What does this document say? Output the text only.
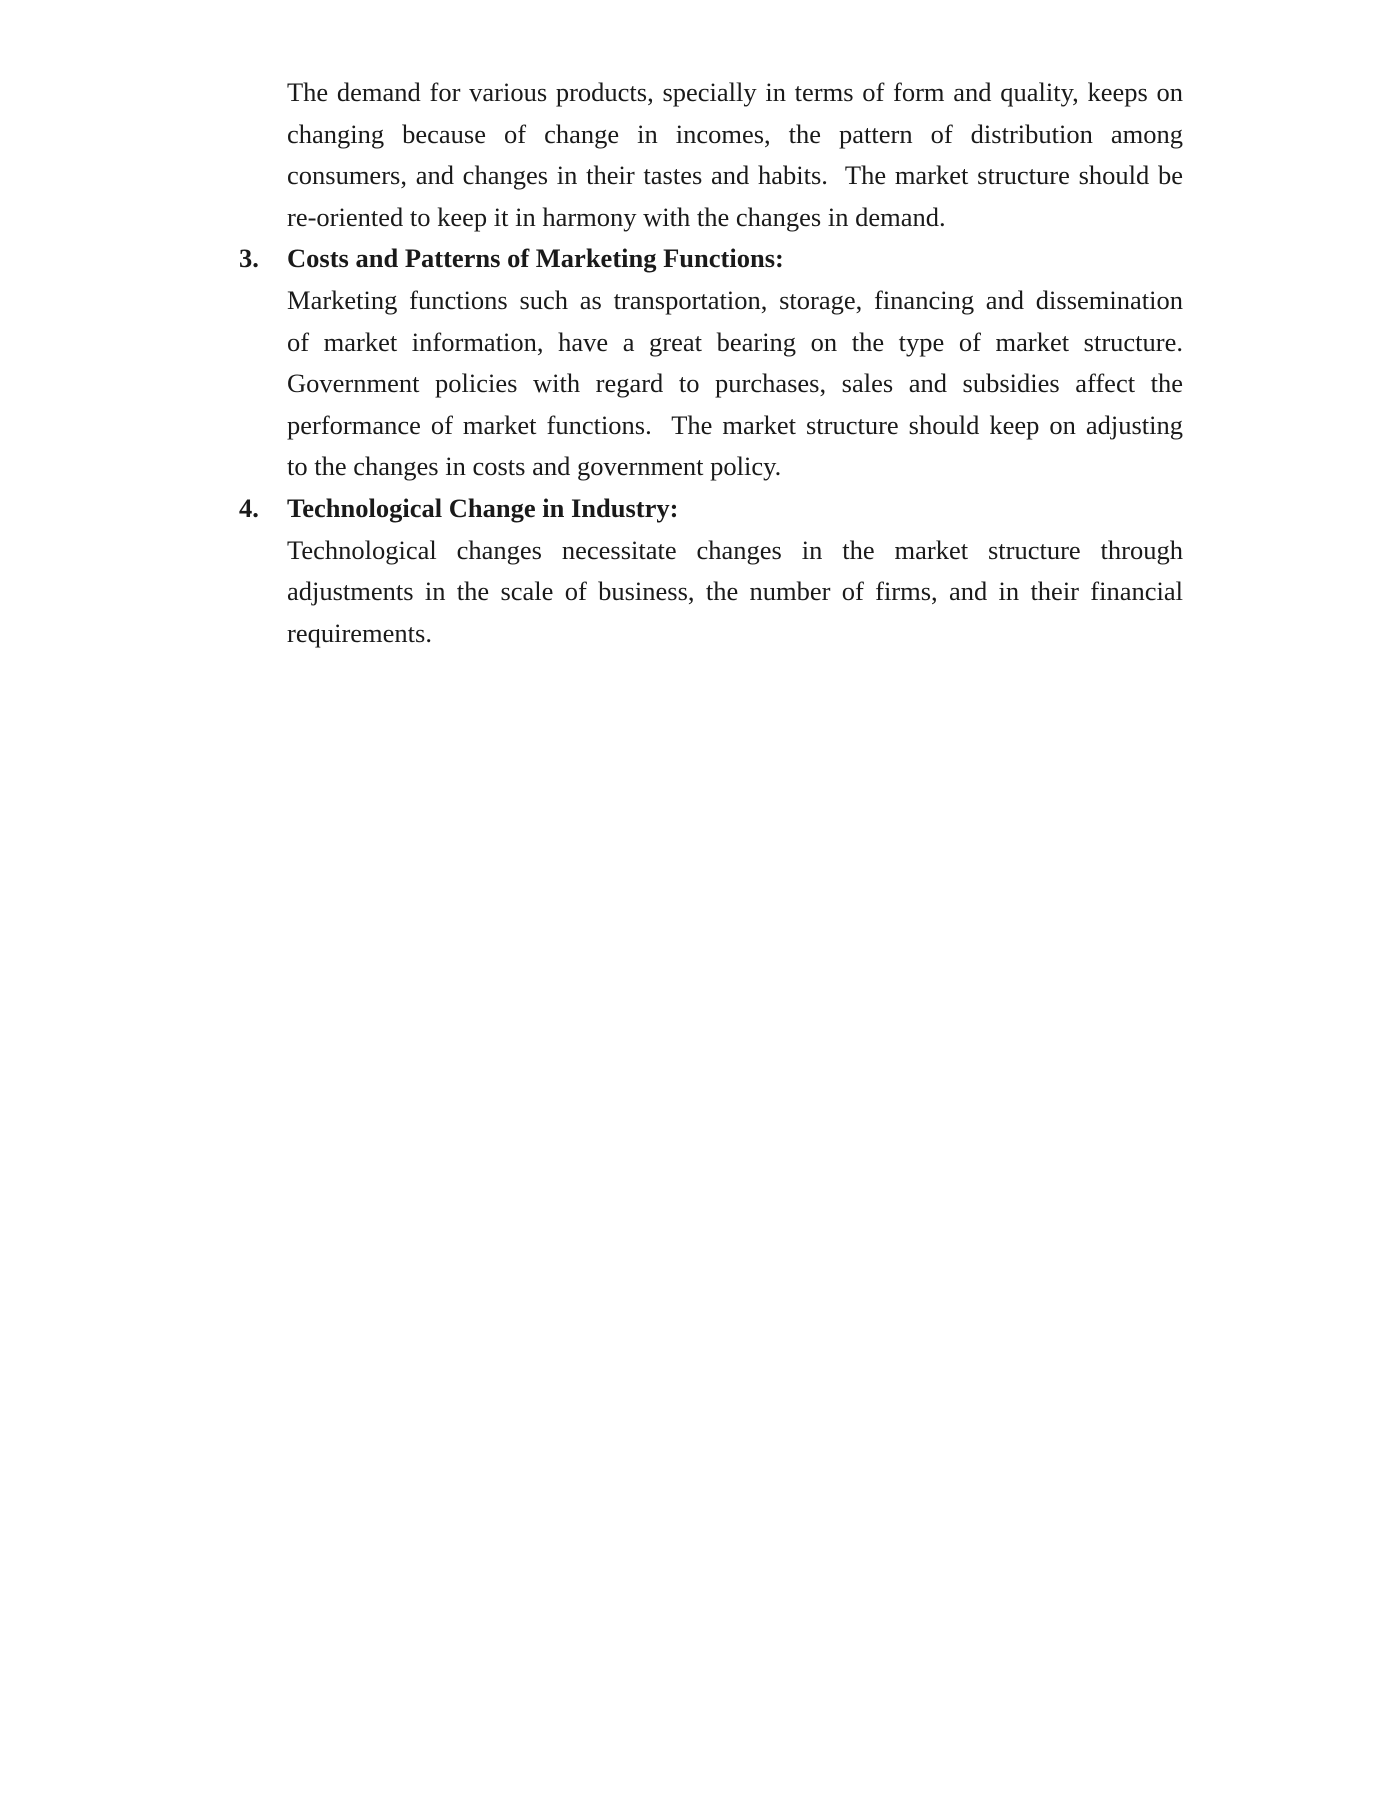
The demand for various products, specially in terms of form and quality, keeps on
changing because of change in incomes, the pattern of distribution among
consumers, and changes in their tastes and habits.  The market structure should be
re-oriented to keep it in harmony with the changes in demand.
3. Costs and Patterns of Marketing Functions:
Marketing functions such as transportation, storage, financing and dissemination
of market information, have a great bearing on the type of market structure.
Government policies with regard to purchases, sales and subsidies affect the
performance of market functions.  The market structure should keep on adjusting
to the changes in costs and government policy.
4. Technological Change in Industry:
Technological changes necessitate changes in the market structure through
adjustments in the scale of business, the number of firms, and in their financial
requirements.
